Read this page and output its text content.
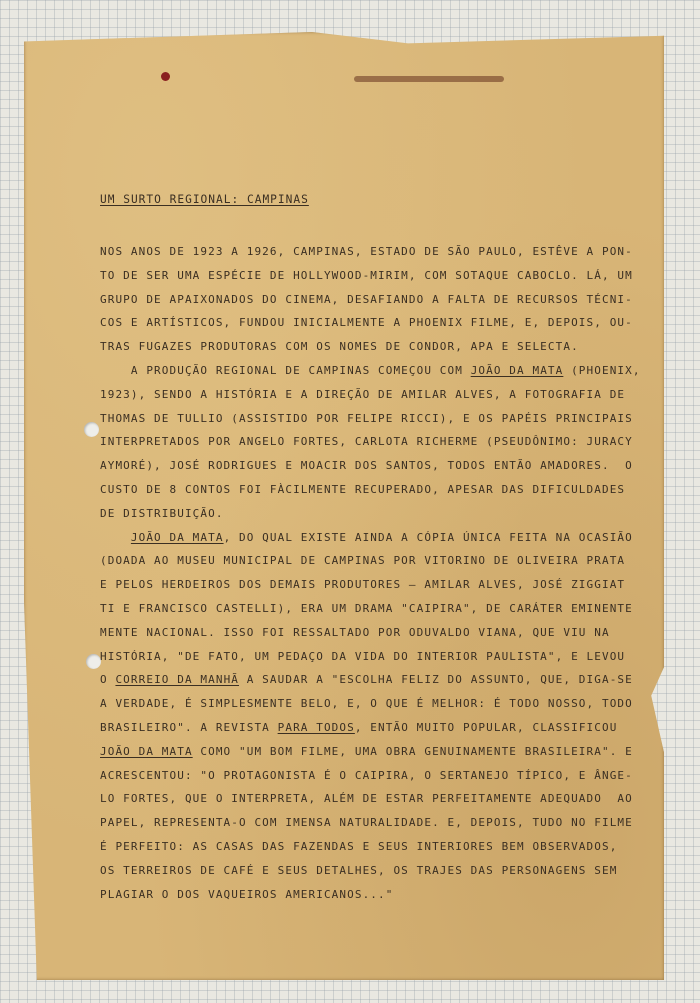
UM SURTO REGIONAL: CAMPINAS
NOS ANOS DE 1923 A 1926, CAMPINAS, ESTADO DE SÃO PAULO, ESTÊVE A PON-
TO DE SER UMA ESPÉCIE DE HOLLYWOOD-MIRIM, COM SOTAQUE CABOCLO. LÁ, UM
GRUPO DE APAIXONADOS DO CINEMA, DESAFIANDO A FALTA DE RECURSOS TÉCNI-
COS E ARTÍSTICOS, FUNDOU INICIALMENTE A PHOENIX FILME, E, DEPOIS, OU-
TRAS FUGAZES PRODUTORAS COM OS NOMES DE CONDOR, APA E SELECTA.
A PRODUÇÃO REGIONAL DE CAMPINAS COMEÇOU COM JOÃO DA MATA (PHOENIX,
1923), SENDO A HISTÓRIA E A DIREÇÃO DE AMILAR ALVES, A FOTOGRAFIA DE
THOMAS DE TULLIO (ASSISTIDO POR FELIPE RICCI), E OS PAPÉIS PRINCIPAIS
INTERPRETADOS POR ANGELO FORTES, CARLOTA RICHERME (PSEUDÔNIMO: JURACY
AYMORÉ), JOSÉ RODRIGUES E MOACIR DOS SANTOS, TODOS ENTÃO AMADORES.  O
CUSTO DE 8 CONTOS FOI FÀCILMENTE RECUPERADO, APESAR DAS DIFICULDADES
DE DISTRIBUIÇÃO.
JOÃO DA MATA, DO QUAL EXISTE AINDA A CÓPIA ÚNICA FEITA NA OCASIÃO
(DOADA AO MUSEU MUNICIPAL DE CAMPINAS POR VITORINO DE OLIVEIRA PRATA
E PELOS HERDEIROS DOS DEMAIS PRODUTORES — AMILAR ALVES, JOSÉ ZIGGIAT
TI E FRANCISCO CASTELLI), ERA UM DRAMA "CAIPIRA", DE CARÁTER EMINENTE
MENTE NACIONAL. ISSO FOI RESSALTADO POR ODUVALDO VIANA, QUE VIU NA
HISTÓRIA, "DE FATO, UM PEDAÇO DA VIDA DO INTERIOR PAULISTA", E LEVOU
O CORREIO DA MANHÃ A SAUDAR A "ESCOLHA FELIZ DO ASSUNTO, QUE, DIGA-SE
A VERDADE, É SIMPLESMENTE BELO, E, O QUE É MELHOR: É TODO NOSSO, TODO
BRASILEIRO". A REVISTA PARA TODOS, ENTÃO MUITO POPULAR, CLASSIFICOU
JOÃO DA MATA COMO "UM BOM FILME, UMA OBRA GENUINAMENTE BRASILEIRA". E
ACRESCENTOU: "O PROTAGONISTA É O CAIPIRA, O SERTANEJO TÍPICO, E ÂNGE-
LO FORTES, QUE O INTERPRETA, ALÉM DE ESTAR PERFEITAMENTE ADEQUADO  AO
PAPEL, REPRESENTA-O COM IMENSA NATURALIDADE. E, DEPOIS, TUDO NO FILME
É PERFEITO: AS CASAS DAS FAZENDAS E SEUS INTERIORES BEM OBSERVADOS,
OS TERREIROS DE CAFÉ E SEUS DETALHES, OS TRAJES DAS PERSONAGENS SEM
PLAGIAR O DOS VAQUEIROS AMERICANOS..."
